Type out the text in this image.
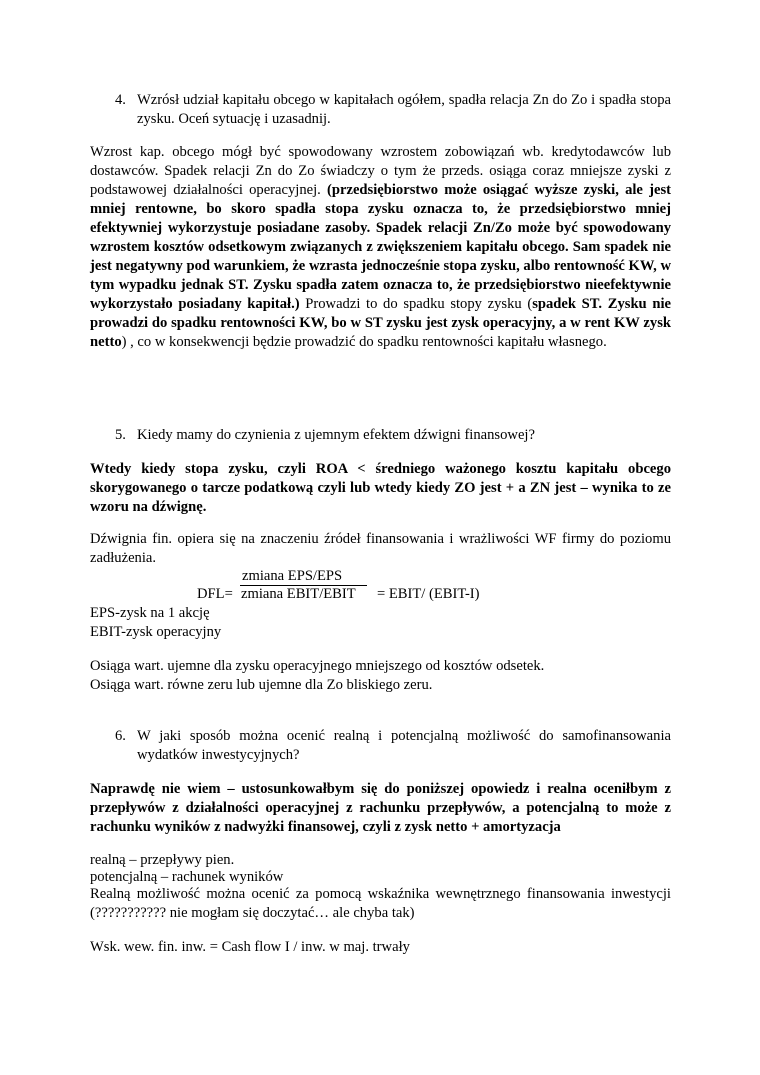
4. Wzrósł udział kapitału obcego w kapitałach ogółem, spadła relacja Zn do Zo i spadła stopa zysku. Oceń sytuację i uzasadnij.
Wzrost kap. obcego mógł być spowodowany wzrostem zobowiązań wb. kredytodawców lub dostawców. Spadek relacji Zn do Zo świadczy o tym że przeds. osiąga coraz mniejsze zyski z podstawowej działalności operacyjnej. (przedsiębiorstwo może osiągać wyższe zyski, ale jest mniej rentowne, bo skoro spadła stopa zysku oznacza to, że przedsiębiorstwo mniej efektywniej wykorzystuje posiadane zasoby. Spadek relacji Zn/Zo może być spowodowany wzrostem kosztów odsetkowym związanych z zwiększeniem kapitału obcego. Sam spadek nie jest negatywny pod warunkiem, że wzrasta jednocześnie stopa zysku, albo rentowność KW, w tym wypadku jednak ST. Zysku spadła zatem oznacza to, że przedsiębiorstwo nieefektywnie wykorzystało posiadany kapitał.) Prowadzi to do spadku stopy zysku (spadek ST. Zysku nie prowadzi do spadku rentowności KW, bo w ST zysku jest zysk operacyjny, a w rent KW zysk netto) , co w konsekwencji będzie prowadzić do spadku rentowności kapitału własnego.
5. Kiedy mamy do czynienia z ujemnym efektem dźwigni finansowej?
Wtedy kiedy stopa zysku, czyli ROA < średniego ważonego kosztu kapitału obcego skorygowanego o tarcze podatkową czyli lub wtedy kiedy ZO jest + a ZN jest – wynika to ze wzoru na dźwignę.
Dźwignia fin. opiera się na znaczeniu źródeł finansowania i wrażliwości WF firmy do poziomu zadłużenia.
zmiana EPS/EPS
DFL= zmiana EBIT/EBIT = EBIT/ (EBIT-I)
EPS-zysk na 1 akcję
EBIT-zysk operacyjny
Osiąga wart. ujemne dla zysku operacyjnego mniejszego od kosztów odsetek.
Osiąga wart. równe zeru lub ujemne dla Zo bliskiego zeru.
6. W jaki sposób można ocenić realną i potencjalną możliwość do samofinansowania wydatków inwestycyjnych?
Naprawdę nie wiem – ustosunkowałbym się do poniższej opowiedz i realna oceniłbym z przepływów z działalności operacyjnej z rachunku przepływów, a potencjalną to może z rachunku wyników z nadwyżki finansowej, czyli z zysk netto + amortyzacja
realną – przepływy pien.
potencjalną – rachunek wyników
Realną możliwość można ocenić za pomocą wskaźnika wewnętrznego finansowania inwestycji (??????????? nie mogłam się doczytać… ale chyba tak)
Wsk. wew. fin. inw. = Cash flow I / inw. w maj. trwały
